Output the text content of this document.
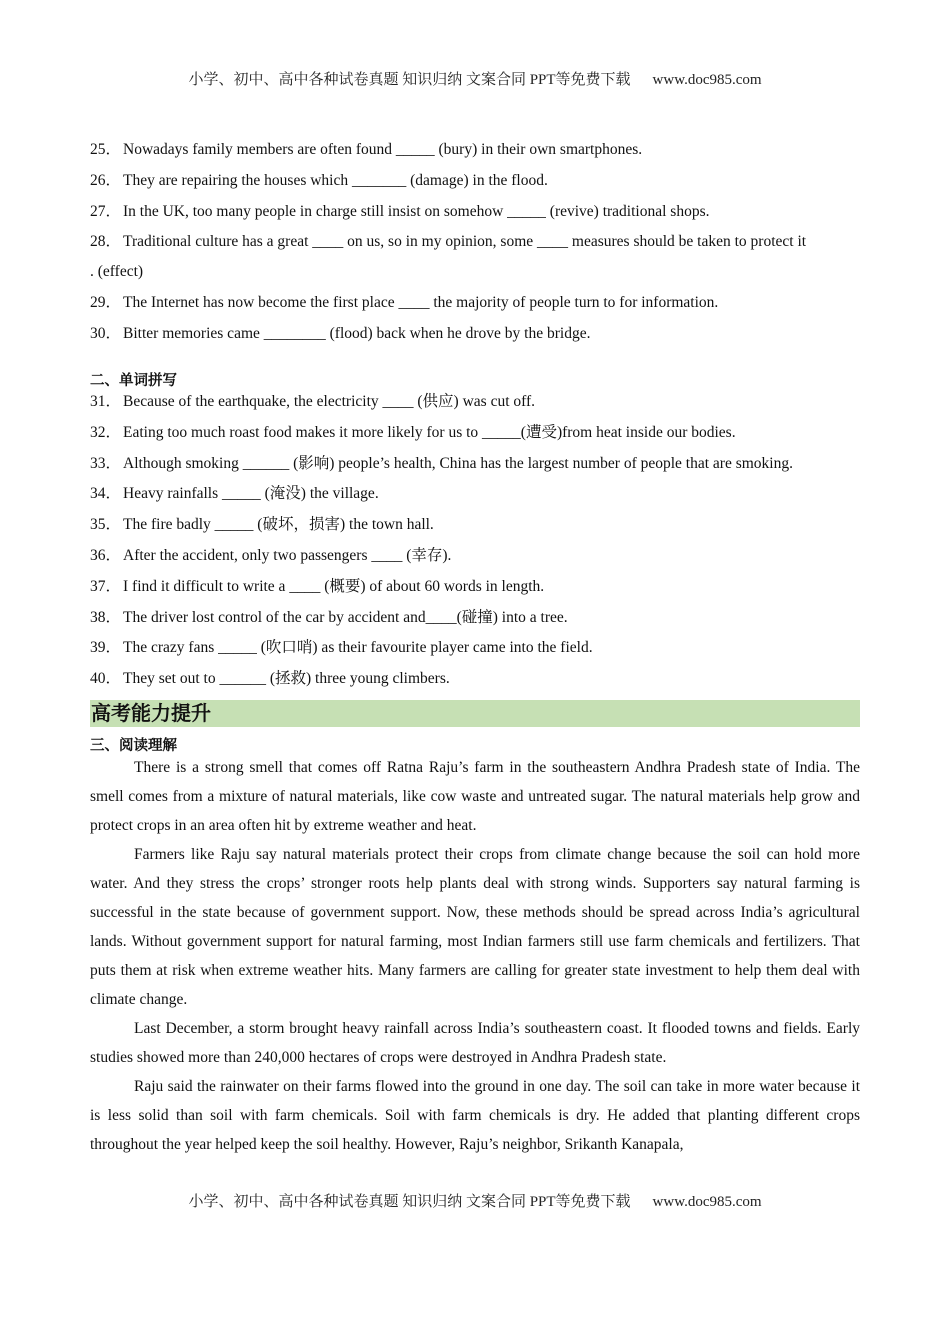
小学、初中、高中各种试卷真题 知识归纳 文案合同 PPT等免费下载 www.doc985.com
25． Nowadays family members are often found _____ (bury) in their own smartphones.
26． They are repairing the houses which _______ (damage) in the flood.
27． In the UK, too many people in charge still insist on somehow _____ (revive) traditional shops.
28． Traditional culture has a great ____ on us, so in my opinion, some ____ measures should be taken to protect it
. (effect)
29． The Internet has now become the first place ____ the majority of people turn to for information.
30． Bitter memories came ________ (flood) back when he drove by the bridge.
二、单词拼写
31． Because of the earthquake, the electricity ____ (供应) was cut off.
32． Eating too much roast food makes it more likely for us to _____(遭受)from heat inside our bodies.
33． Although smoking ______ (影响) people’s health, China has the largest number of people that are smoking.
34． Heavy rainfalls _____ (淹没) the village.
35． The fire badly _____ (破坏，损害) the town hall.
36． After the accident, only two passengers ____ (幸存).
37． I find it difficult to write a ____ (概要) of about 60 words in length.
38． The driver lost control of the car by accident and____(碰撞) into a tree.
39． The crazy fans _____ (吹口哨) as their favourite player came into the field.
40． They set out to ______ (拯救) three young climbers.
高考能力提升
三、阅读理解

There is a strong smell that comes off Ratna Raju’s farm in the southeastern Andhra Pradesh state of India. The smell comes from a mixture of natural materials, like cow waste and untreated sugar. The natural materials help grow and protect crops in an area often hit by extreme weather and heat.

Farmers like Raju say natural materials protect their crops from climate change because the soil can hold more water. And they stress the crops’ stronger roots help plants deal with strong winds. Supporters say natural farming is successful in the state because of government support. Now, these methods should be spread across India’s agricultural lands. Without government support for natural farming, most Indian farmers still use farm chemicals and fertilizers. That puts them at risk when extreme weather hits. Many farmers are calling for greater state investment to help them deal with climate change.

Last December, a storm brought heavy rainfall across India’s southeastern coast. It flooded towns and fields. Early studies showed more than 240,000 hectares of crops were destroyed in Andhra Pradesh state.

Raju said the rainwater on their farms flowed into the ground in one day. The soil can take in more water because it is less solid than soil with farm chemicals. Soil with farm chemicals is dry. He added that planting different crops throughout the year helped keep the soil healthy. However, Raju’s neighbor, Srikanth Kanapala,

小学、初中、高中各种试卷真题 知识归纳 文案合同 PPT等免费下载 www.doc985.com
